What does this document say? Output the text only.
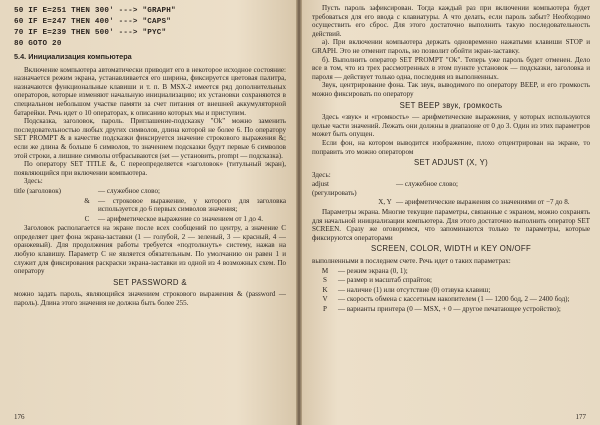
50 IF E=251 THEN 300' ---> "GRAPH"
60 IF E=247 THEN 400' ---> "CAPS"
70 IF E=239 THEN 500' ---> "PYC"
80 GOTO 20
5.4. Инициализация компьютера

Включение компьютера автоматически приводит его в некоторое исходное состояние: назначается режим экрана, устанавливается его ширина, фиксируется цветовая палитра, назначаются функциональные клавиши и т. п. В MSX-2 имеется ряд дополнительных операторов, которые изменяют начальную инициализацию; их установки сохраняются в специальном небольшом участке памяти за счет питания от внешней аккумуляторной батарейки. Речь идет о 10 операторах, к описанию которых мы и приступим.

Подсказка, заголовок, пароль. Приглашение-подсказку "Ok" можно заменить последовательностью любых других символов, длина которой не более 6. По оператору SET PROMPT & в качестве подсказки фиксируется значение строкового выражения &; если же длина & больше 6 символов, то значением подсказки будут первые 6 символов этой строки, а лишние символы отбрасываются (set — установить, prompt — подсказка).

По оператору SET TITLE &, C переопределяется «заголовок» (титульный экран), появляющийся при включении компьютера.

Здесь:

title (заголовок)	— служебное слово;
&	— строковое выражение, у которого для заголовка используется до 6 первых символов значения;
C	— арифметическое выражение со значением от 1 до 4.

Заголовок располагается на экране после всех сообщений по центру, а значение C определяет цвет фона экрана-заставки (1 — голубой, 2 — зеленый, 3 — красный, 4 — оранжевый). Для продолжения работы требуется «подтолкнуть» систему, нажав на любую клавишу. Параметр C не является обязательным. По умолчанию он равен 1 и служит для фиксирования раскраски экрана-заставки из одной из 4 возможных схем. По оператору

SET PASSWORD &

можно задать пароль, являющийся значением строкового выражения & (password — пароль). Длина этого значения не должна быть более 255.

176

Пусть пароль зафиксирован. Тогда каждый раз при включении компьютера будет требоваться для его ввода с клавиатуры. А что делать, если пароль забыт? Необходимо осуществить его сброс. Для этого достаточно выполнить такую последовательность действий.

а). При включении компьютера держать одновременно нажатыми клавиши STOP и GRAPH. Это не отменит пароль, но позволит обойти экран-заставку.

б). Выполнить оператор SET PROMPT "Ok". Теперь уже пароль будет отменен. Дело все в том, что из трех рассмотренных в этом пункте установок — подсказки, заголовка и пароля — действует только одна, последняя из выполненных.

Звук, центрирование фона. Так звук, выводимого по оператору BEEP, и его громкость можно фиксировать по оператору

SET BEEP звук, громкость

Здесь «звук» и «громкость» — арифметические выражения, у которых используются целые части значений. Лежать они должны в диапазоне от 0 до 3. Один из этих параметров может быть опущен.

Если фон, на котором выводится изображение, плохо отцентрирован на экране, то поправить это можно оператором

SET ADJUST (X, Y)

Здесь:

adjust (регулировать)
— служебное слово;
X, Y — арифметические выражения со значениями от −7 до 8.

Параметры экрана. Многие текущие параметры, связанные с экраном, можно сохранять для начальной инициализации компьютера. Для этого достаточно выполнить оператор SET SCREEN. Сразу же оговоримся, что запоминаются только те параметры, которые фиксируются операторами

SCREEN, COLOR, WIDTH и KEY ON/OFF

выполненными в последнем счете. Речь идет о таких параметрах:

M	— режим экрана (0, 1);
S	— размер и масштаб спрайтов;
K	— наличие (1) или отсутствие (0) отзвука клавиш;
V	— скорость обмена с кассетным накопителем (1 — 1200 бод, 2 — 2400 бод);
P	— варианты принтера (0 — MSX, + 0 — другое печатающее устройство);
177
